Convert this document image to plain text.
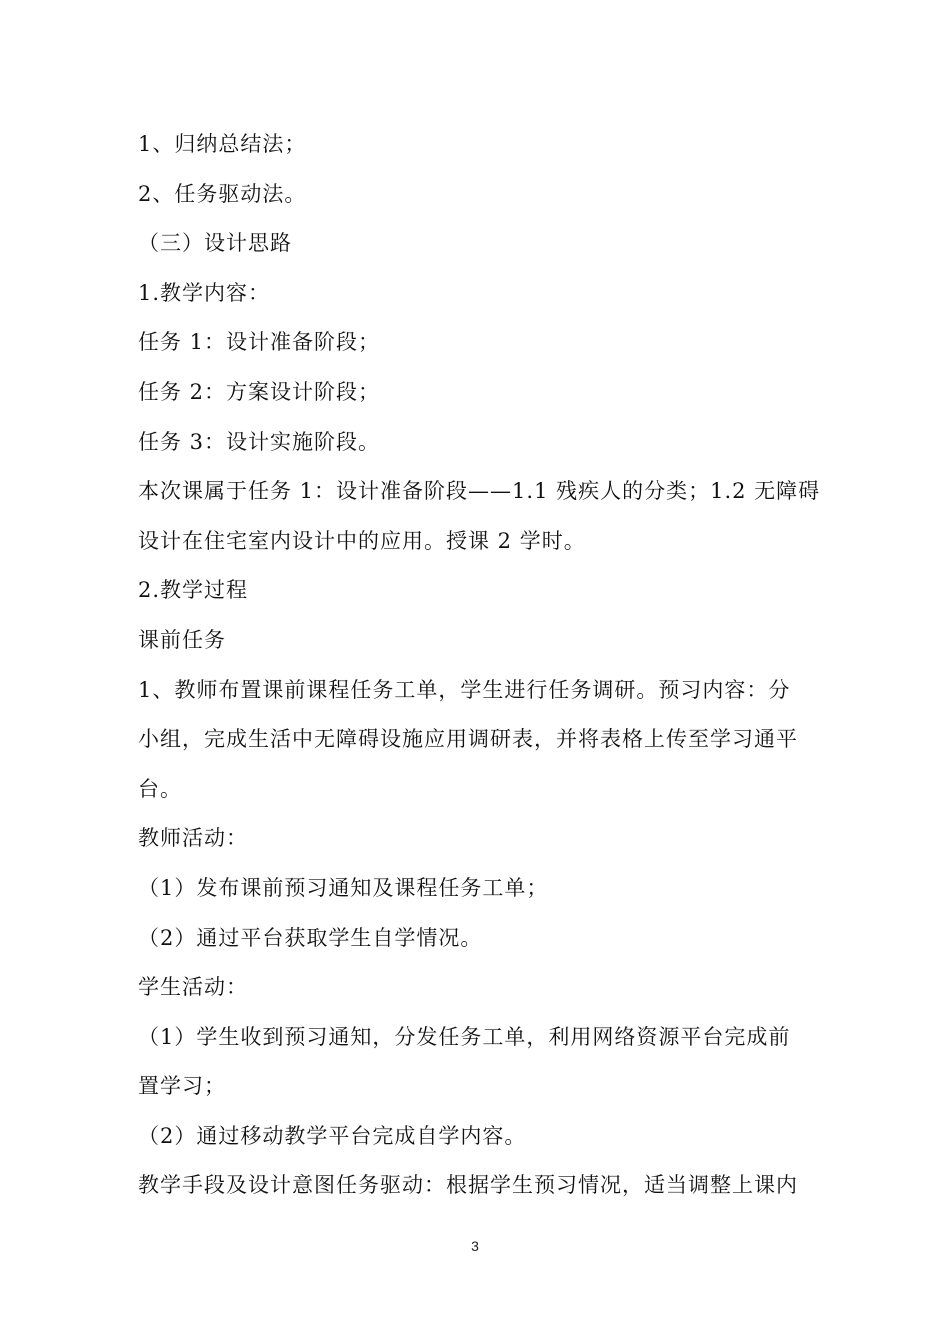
1、归纳总结法；
2、任务驱动法。
（三）设计思路
1.教学内容：
任务 1：设计准备阶段；
任务 2：方案设计阶段；
任务 3：设计实施阶段。
本次课属于任务 1：设计准备阶段——1.1 残疾人的分类；1.2 无障碍
设计在住宅室内设计中的应用。授课 2 学时。
2.教学过程
课前任务
1、教师布置课前课程任务工单，学生进行任务调研。预习内容：分
小组，完成生活中无障碍设施应用调研表，并将表格上传至学习通平
台。
教师活动：
（1）发布课前预习通知及课程任务工单；
（2）通过平台获取学生自学情况。
学生活动：
（1）学生收到预习通知，分发任务工单，利用网络资源平台完成前
置学习；
（2）通过移动教学平台完成自学内容。
教学手段及设计意图任务驱动：根据学生预习情况，适当调整上课内
3
